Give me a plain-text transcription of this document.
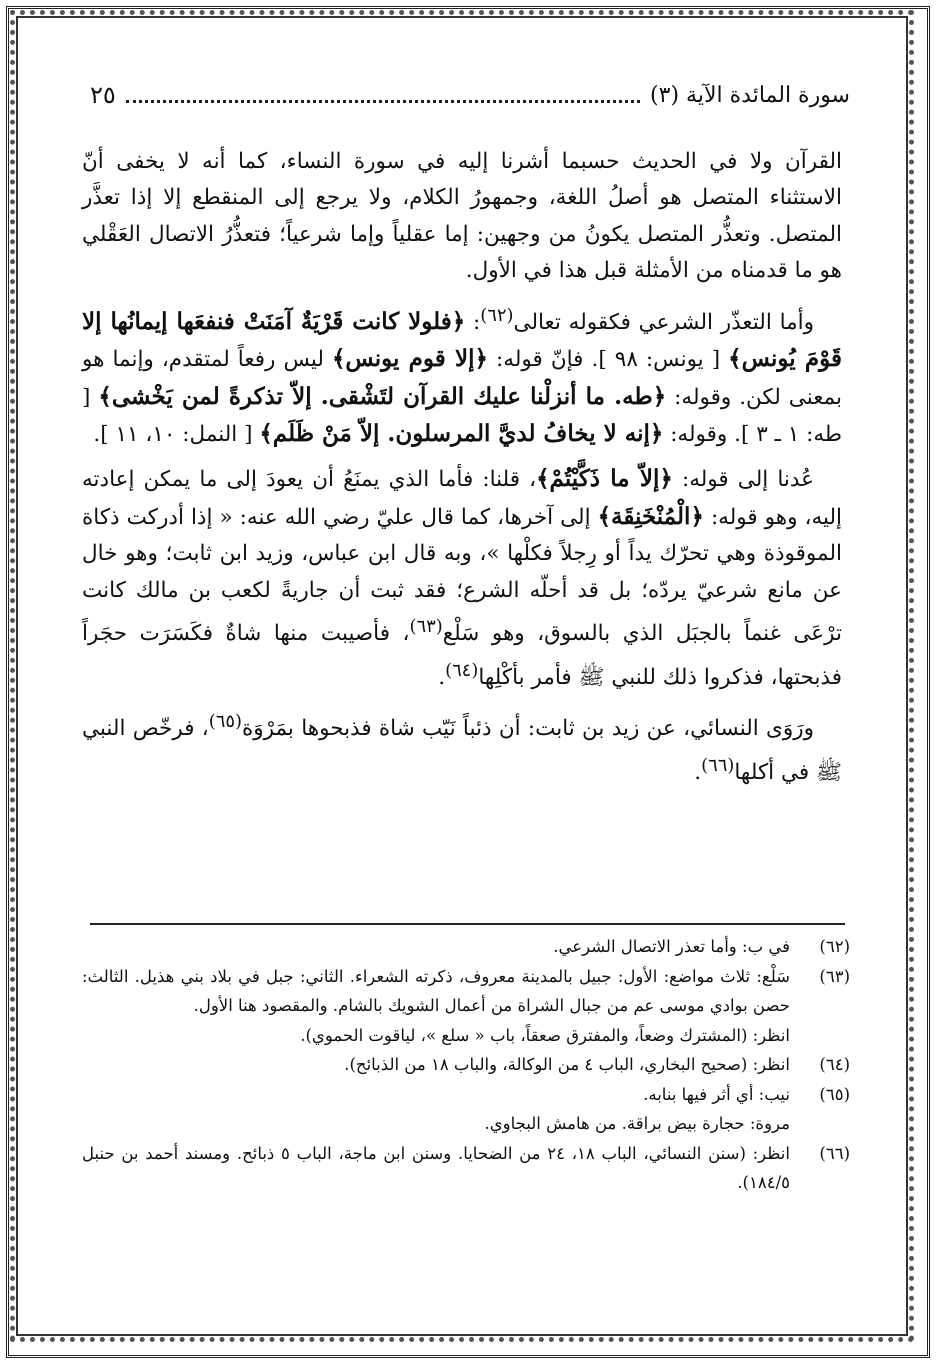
سورة المائدة الآية (٣)
٢٥

القرآن ولا في الحديث حسبما أشرنا إليه في سورة النساء، كما أنه لا يخفى أنّ الاستثناء المتصل هو أصلُ اللغة، وجمهورُ الكلام، ولا يرجع إلى المنقطع إلا إذا تعذَّر المتصل. وتعذُّر المتصل يكونُ من وجهين: إما عقلياً وإما شرعياً؛ فتعذُّرُ الاتصال العَقْلي هو ما قدمناه من الأمثلة قبل هذا في الأول.

وأما التعذّر الشرعي فكقوله تعالى$^{(٦٢)}$: ﴿فلولا كانت قَرْيَةٌ آمَنَتْ فنفعَها إيمانُها إلا قَوْمَ يُونس﴾ [ يونس: ٩٨ ]. فإنّ قوله: ﴿إلا قوم يونس﴾ ليس رفعاً لمتقدم، وإنما هو بمعنى لكن. وقوله: ﴿طه. ما أنزلْنا عليك القرآن لتَشْقى. إلاّ تذكرةً لمن يَخْشى﴾ [ طه: ١ ـ ٣ ]. وقوله: ﴿إنه لا يخافُ لديَّ المرسلون. إلاّ مَنْ ظَلَم﴾ [ النمل: ١٠، ١١ ].

عُدنا إلى قوله: ﴿إلاّ ما ذَكَّيْتُمْ﴾، قلنا: فأما الذي يمنَعُ أن يعودَ إلى ما يمكن إعادته إليه، وهو قوله: ﴿الْمُنْخَنِقَة﴾ إلى آخرها، كما قال عليّ رضي الله عنه: « إذا أدركت ذكاة الموقوذة وهي تحرّك يداً أو رِجلاً فكلْها »، وبه قال ابن عباس، وزيد ابن ثابت؛ وهو خال عن مانع شرعيّ يردّه؛ بل قد أحلّه الشرع؛ فقد ثبت أن جاريةً لكعب بن مالك كانت ترْعَى غنماً بالجبَل الذي بالسوق، وهو سَلْع$^{(٦٣)}$، فأصيبت منها شاةٌ فكَسَرَت حجَراً فذبحتها، فذكروا ذلك للنبي ﷺ فأمر بأكْلِها$^{(٦٤)}$.

ورَوَى النسائي، عن زيد بن ثابت: أن ذئباً نَيّب شاة فذبحوها بمَرْوَة$^{(٦٥)}$، فرخّص النبي ﷺ في أكلها$^{(٦٦)}$.

(٦٢)
في ب: وأما تعذر الاتصال الشرعي.
(٦٣)
سَلْع: ثلاث مواضع: الأول: جبيل بالمدينة معروف، ذكرته الشعراء. الثاني: جبل في بلاد بني هذيل. الثالث: حصن بوادي موسى عم من جبال الشراة من أعمال الشويك بالشام. والمقصود هنا الأول.
انظر: (المشترك وضعاً، والمفترق صعقاً، باب « سلع »، لياقوت الحموي).
(٦٤)
انظر: (صحيح البخاري، الباب ٤ من الوكالة، والباب ١٨ من الذبائح).
(٦٥)
نيب: أي أثر فيها بنابه.
مروة: حجارة بيض براقة. من هامش البجاوي.
(٦٦)
انظر: (سنن النسائي، الباب ١٨، ٢٤ من الضحايا. وسنن ابن ماجة، الباب ٥ ذبائح. ومسند أحمد بن حنبل ١٨٤/٥).
